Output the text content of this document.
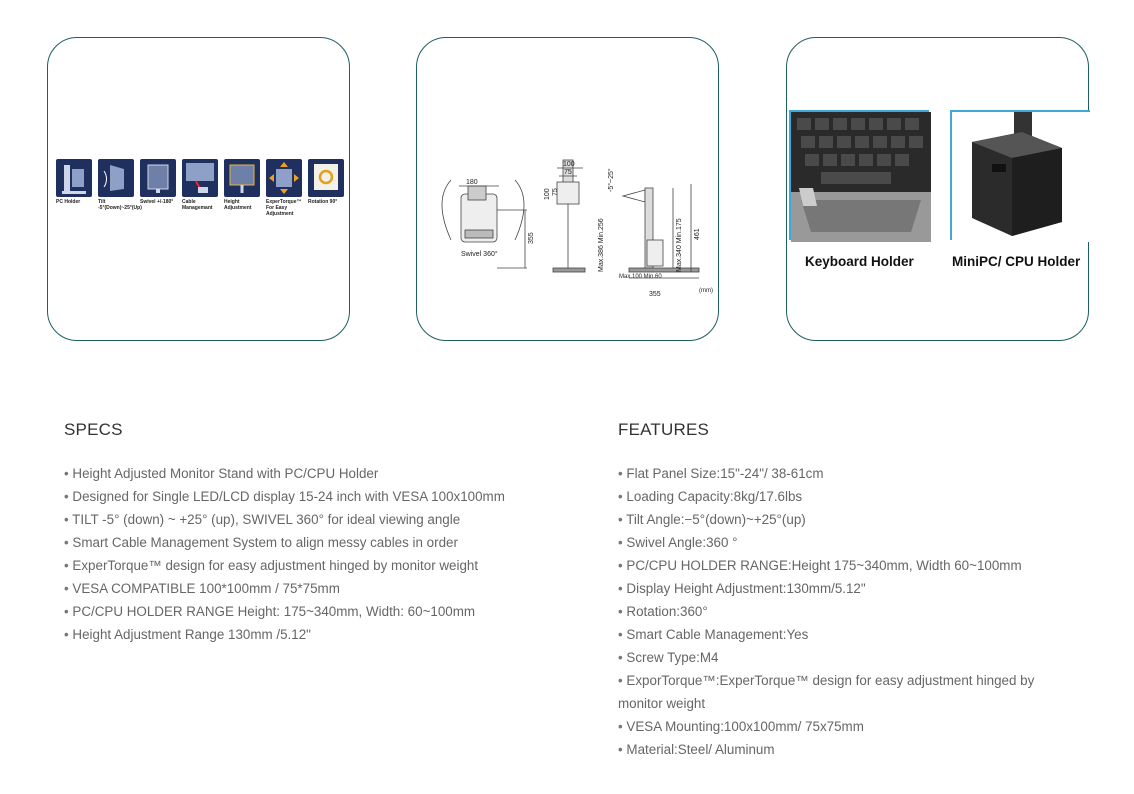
PC Holder	Tilt
-5°(Down)~25°(Up)
Swivel +/-180°	Cable
Managemant
Height
Adjustment
ExperTorque™
For Easy
Adjustment
Rotation 90°
180
355
Swivel 360°
100
75
100 75
Max.386 Min.256
-5°~25°
Max.340 Min.175 461
Max.100 Min.60
355	(mm)
Keyboard Holder	MiniPC/ CPU Holder
SPECS
• Height Adjusted Monitor Stand with PC/CPU Holder
• Designed for Single LED/LCD display 15-24 inch with VESA 100x100mm
• TILT -5° (down) ~ +25° (up), SWIVEL 360° for ideal viewing angle
• Smart Cable Management System to align messy cables in order
• ExperTorque™ design for easy adjustment hinged by monitor weight
• VESA COMPATIBLE 100*100mm / 75*75mm
• PC/CPU HOLDER RANGE Height: 175~340mm, Width: 60~100mm
• Height Adjustment Range 130mm /5.12"
FEATURES
• Flat Panel Size:15"-24"/ 38-61cm
• Loading Capacity:8kg/17.6lbs
• Tilt Angle:−5°(down)~+25°(up)
• Swivel Angle:360 °
• PC/CPU HOLDER RANGE:Height 175~340mm, Width 60~100mm
• Display Height Adjustment:130mm/5.12"
• Rotation:360°
• Smart Cable Management:Yes
• Screw Type:M4
• ExporTorque™:ExperTorque™ design for easy adjustment hinged by monitor weight
• VESA Mounting:100x100mm/ 75x75mm
• Material:Steel/ Aluminum
